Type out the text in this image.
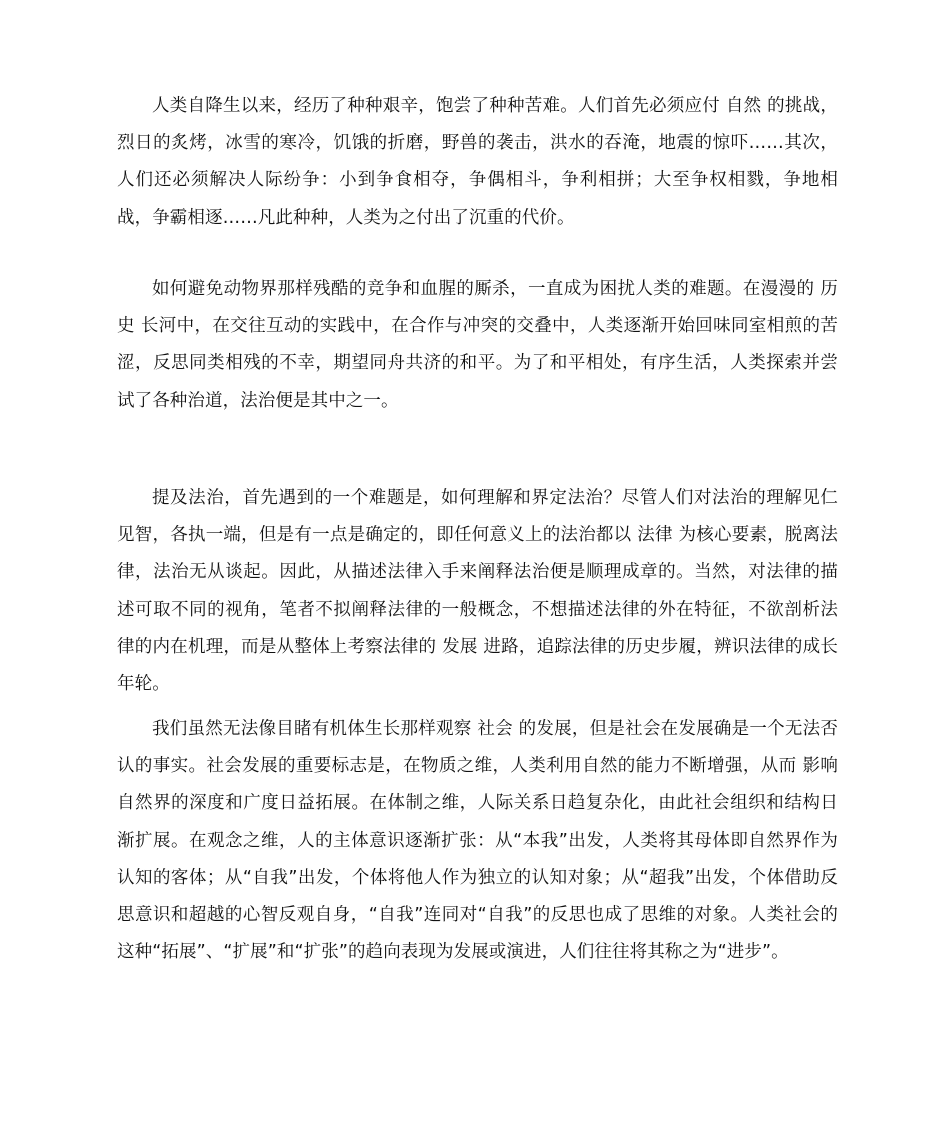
人类自降生以来，经历了种种艰辛，饱尝了种种苦难。人们首先必须应付 自然 的挑战，烈日的炙烤，冰雪的寒冷，饥饿的折磨，野兽的袭击，洪水的吞淹，地震的惊吓……其次，人们还必须解决人际纷争：小到争食相夺，争偶相斗，争利相拼；大至争权相戮，争地相战，争霸相逐……凡此种种，人类为之付出了沉重的代价。

如何避免动物界那样残酷的竞争和血腥的厮杀，一直成为困扰人类的难题。在漫漫的 历史 长河中，在交往互动的实践中，在合作与冲突的交叠中，人类逐渐开始回味同室相煎的苦涩，反思同类相残的不幸，期望同舟共济的和平。为了和平相处，有序生活，人类探索并尝试了各种治道，法治便是其中之一。

提及法治，首先遇到的一个难题是，如何理解和界定法治？尽管人们对法治的理解见仁见智，各执一端，但是有一点是确定的，即任何意义上的法治都以 法律 为核心要素，脱离法律，法治无从谈起。因此，从描述法律入手来阐释法治便是顺理成章的。当然，对法律的描述可取不同的视角，笔者不拟阐释法律的一般概念，不想描述法律的外在特征，不欲剖析法律的内在机理，而是从整体上考察法律的 发展 进路，追踪法律的历史步履，辨识法律的成长年轮。

我们虽然无法像目睹有机体生长那样观察 社会 的发展，但是社会在发展确是一个无法否认的事实。社会发展的重要标志是，在物质之维，人类利用自然的能力不断增强，从而 影响 自然界的深度和广度日益拓展。在体制之维，人际关系日趋复杂化，由此社会组织和结构日渐扩展。在观念之维，人的主体意识逐渐扩张：从“本我”出发，人类将其母体即自然界作为认知的客体；从“自我”出发，个体将他人作为独立的认知对象；从“超我”出发，个体借助反思意识和超越的心智反观自身，“自我”连同对“自我”的反思也成了思维的对象。人类社会的这种“拓展”、“扩展”和“扩张”的趋向表现为发展或演进，人们往往将其称之为“进步”。
